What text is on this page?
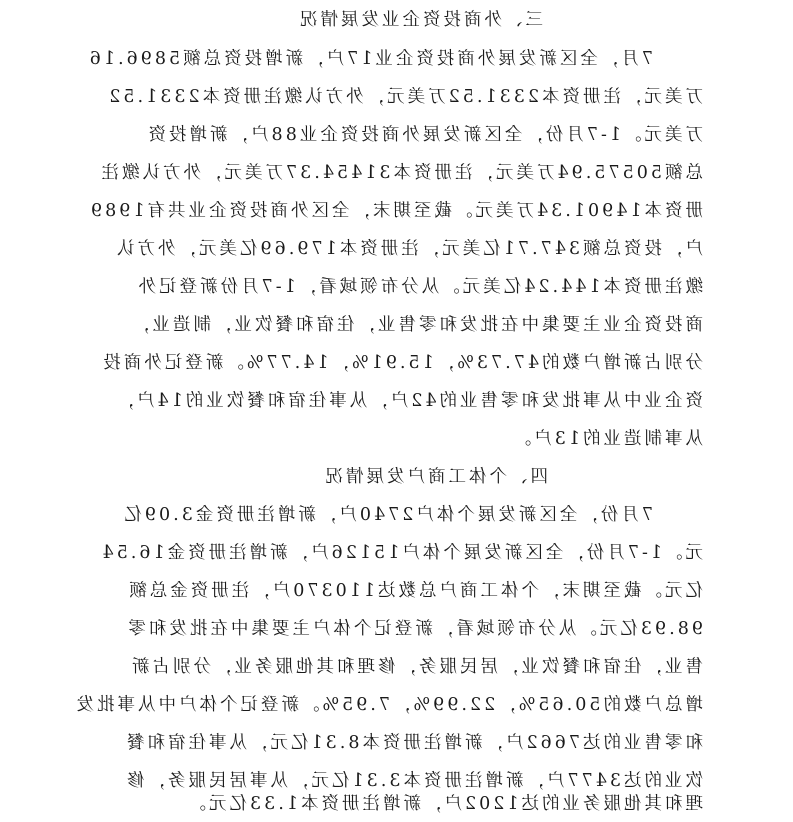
三、外商投资企业发展情况
7月，全区新发展外商投资企业17户，新增投资总额5896.16
万美元，注册资本2331.52万美元，外方认缴注册资本2331.52
万美元。1-7月份，全区新发展外商投资企业88户，新增投资
总额50575.94万美元，注册资本31454.37万美元，外方认缴注
册资本14901.34万美元。截至期末，全区外商投资企业共有1989
户，投资总额347.71亿美元，注册资本179.69亿美元，外方认
缴注册资本144.24亿美元。从分布领域看，1-7月份新登记外
商投资企业主要集中在批发和零售业，住宿和餐饮业，制造业，
分别占新增户数的47.73%，15.91%，14.77%。新登记外商投
资企业中从事批发和零售业的42户，从事住宿和餐饮业的14户，
从事制造业的13户。
四、个体工商户发展情况
7月份，全区新发展个体户2740户，新增注册资金3.09亿
元。1-7月份，全区新发展个体户15126户，新增注册资金16.54
亿元。截至期末，个体工商户总数达110370户，注册资金总额
98.93亿元。从分布领域看，新登记个体户主要集中在批发和零
售业，住宿和餐饮业，居民服务，修理和其他服务业，分别占新
增总户数的50.65%，22.99%，7.95%。新登记个体户中从事批发
和零售业的达7662户，新增注册资本8.31亿元，从事住宿和餐
饮业的达3477户，新增注册资本3.31亿元，从事居民服务，修
理和其他服务业的达1202户，新增注册资本1.33亿元。
